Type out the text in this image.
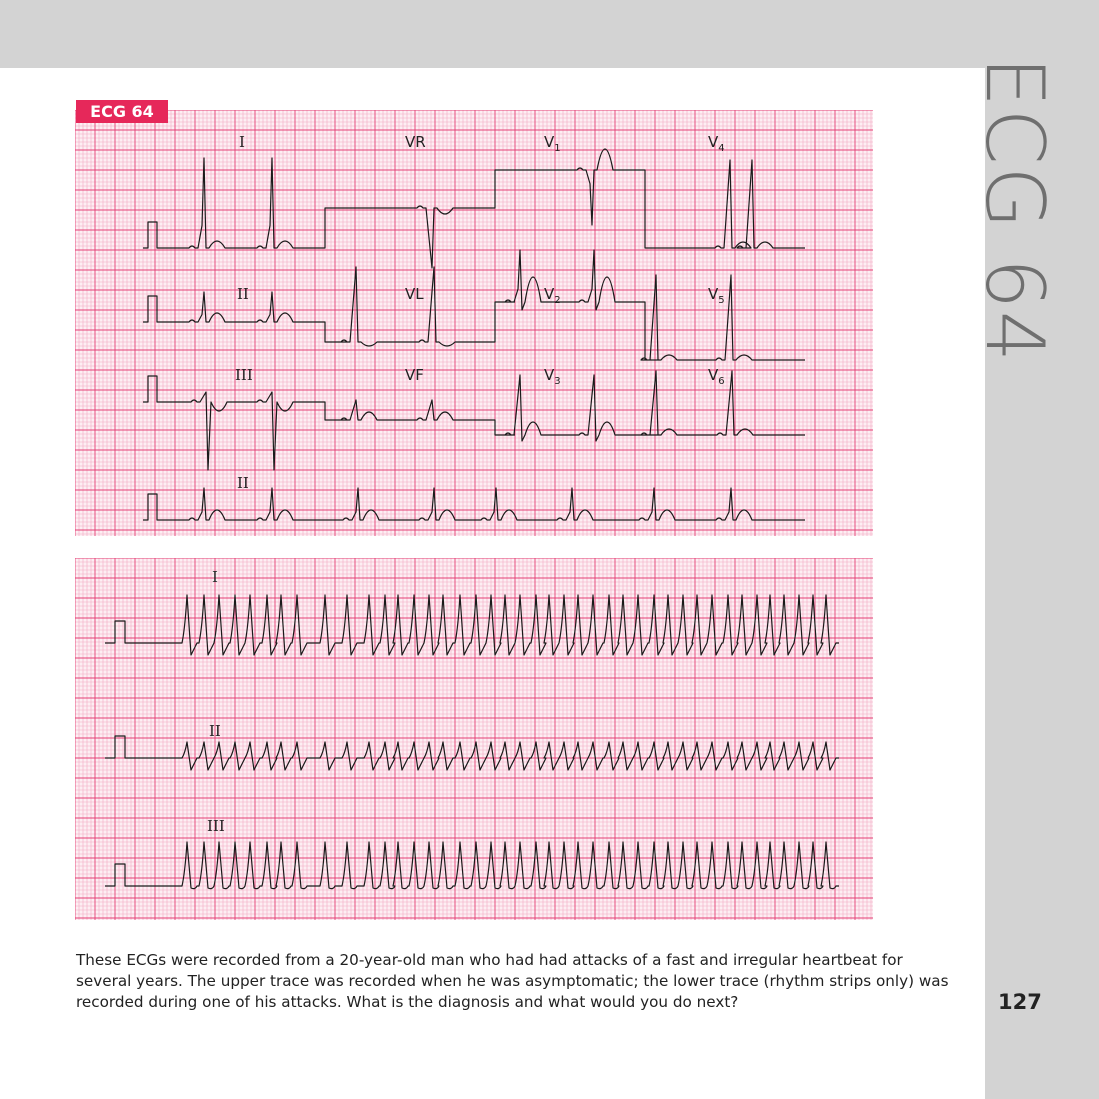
ECG 64
127
ECG 64
I	VR	$V_1$	$V_4$
II	VL	$V_2$	$V_5$
III	VF	$V_3$	$V_6$
II
I
II
III

These ECGs were recorded from a 20-year-old man who had had attacks of a fast and irregular heartbeat for several years. The upper trace was recorded when he was asymptomatic; the lower trace (rhythm strips only) was recorded during one of his attacks. What is the diagnosis and what would you do next?
